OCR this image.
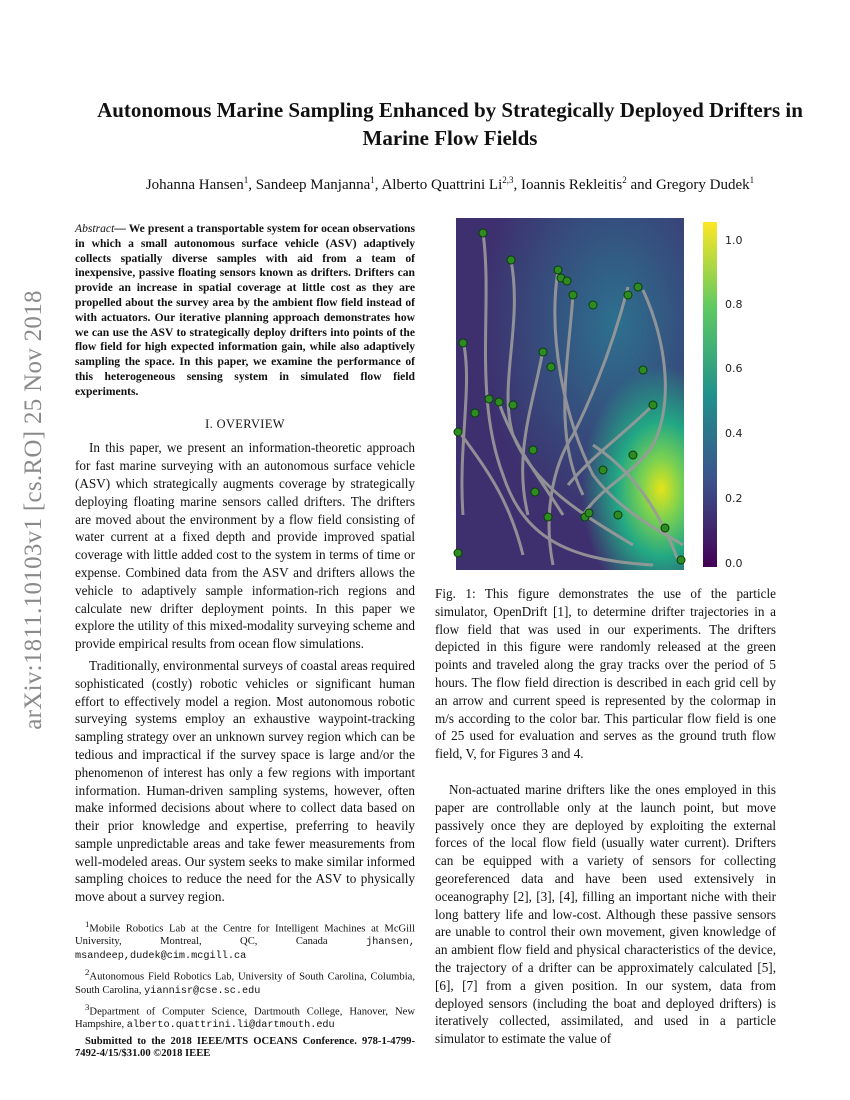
arXiv:1811.10103v1 [cs.RO] 25 Nov 2018
Autonomous Marine Sampling Enhanced by Strategically Deployed Drifters in Marine Flow Fields
Johanna Hansen$^1$, Sandeep Manjanna$^1$, Alberto Quattrini Li$^{2,3}$, Ioannis Rekleitis$^2$ and Gregory Dudek$^1$
Abstract— We present a transportable system for ocean observations in which a small autonomous surface vehicle (ASV) adaptively collects spatially diverse samples with aid from a team of inexpensive, passive floating sensors known as drifters. Drifters can provide an increase in spatial coverage at little cost as they are propelled about the survey area by the ambient flow field instead of with actuators. Our iterative planning approach demonstrates how we can use the ASV to strategically deploy drifters into points of the flow field for high expected information gain, while also adaptively sampling the space. In this paper, we examine the performance of this heterogeneous sensing system in simulated flow field experiments.
I. OVERVIEW

In this paper, we present an information-theoretic approach for fast marine surveying with an autonomous surface vehicle (ASV) which strategically augments coverage by strategically deploying floating marine sensors called drifters. The drifters are moved about the environment by a flow field consisting of water current at a fixed depth and provide improved spatial coverage with little added cost to the system in terms of time or expense. Combined data from the ASV and drifters allows the vehicle to adaptively sample information-rich regions and calculate new drifter deployment points. In this paper we explore the utility of this mixed-modality surveying scheme and provide empirical results from ocean flow simulations.

Traditionally, environmental surveys of coastal areas required sophisticated (costly) robotic vehicles or significant human effort to effectively model a region. Most autonomous robotic surveying systems employ an exhaustive waypoint-tracking sampling strategy over an unknown survey region which can be tedious and impractical if the survey space is large and/or the phenomenon of interest has only a few regions with important information. Human-driven sampling systems, however, often make informed decisions about where to collect data based on their prior knowledge and expertise, preferring to heavily sample unpredictable areas and take fewer measurements from well-modeled areas. Our system seeks to make similar informed sampling choices to reduce the need for the ASV to physically move about a survey region.

$^1$Mobile Robotics Lab at the Centre for Intelligent Machines at McGill University, Montreal, QC, Canada	jhansen, msandeep,dudek@cim.mcgill.ca
$^2$Autonomous Field Robotics Lab, University of South Carolina, Columbia, South Carolina, yiannisr@cse.sc.edu
$^3$Department of Computer Science, Dartmouth College, Hanover, New Hampshire, alberto.quattrini.li@dartmouth.edu
Submitted to the 2018 IEEE/MTS OCEANS Conference. 978-1-4799-7492-4/15/$31.00 ©2018 IEEE
1.0
0.8
0.6
0.4
0.2
0.0
Fig. 1: This figure demonstrates the use of the particle simulator, OpenDrift [1], to determine drifter trajectories in a flow field that was used in our experiments. The drifters depicted in this figure were randomly released at the green points and traveled along the gray tracks over the period of 5 hours. The flow field direction is described in each grid cell by an arrow and current speed is represented by the colormap in m/s according to the color bar. This particular flow field is one of 25 used for evaluation and serves as the ground truth flow field, V, for Figures 3 and 4.

Non-actuated marine drifters like the ones employed in this paper are controllable only at the launch point, but move passively once they are deployed by exploiting the external forces of the local flow field (usually water current). Drifters can be equipped with a variety of sensors for collecting georeferenced data and have been used extensively in oceanography [2], [3], [4], filling an important niche with their long battery life and low-cost. Although these passive sensors are unable to control their own movement, given knowledge of an ambient flow field and physical characteristics of the device, the trajectory of a drifter can be approximately calculated [5], [6], [7] from a given position. In our system, data from deployed sensors (including the boat and deployed drifters) is iteratively collected, assimilated, and used in a particle simulator to estimate the value of
